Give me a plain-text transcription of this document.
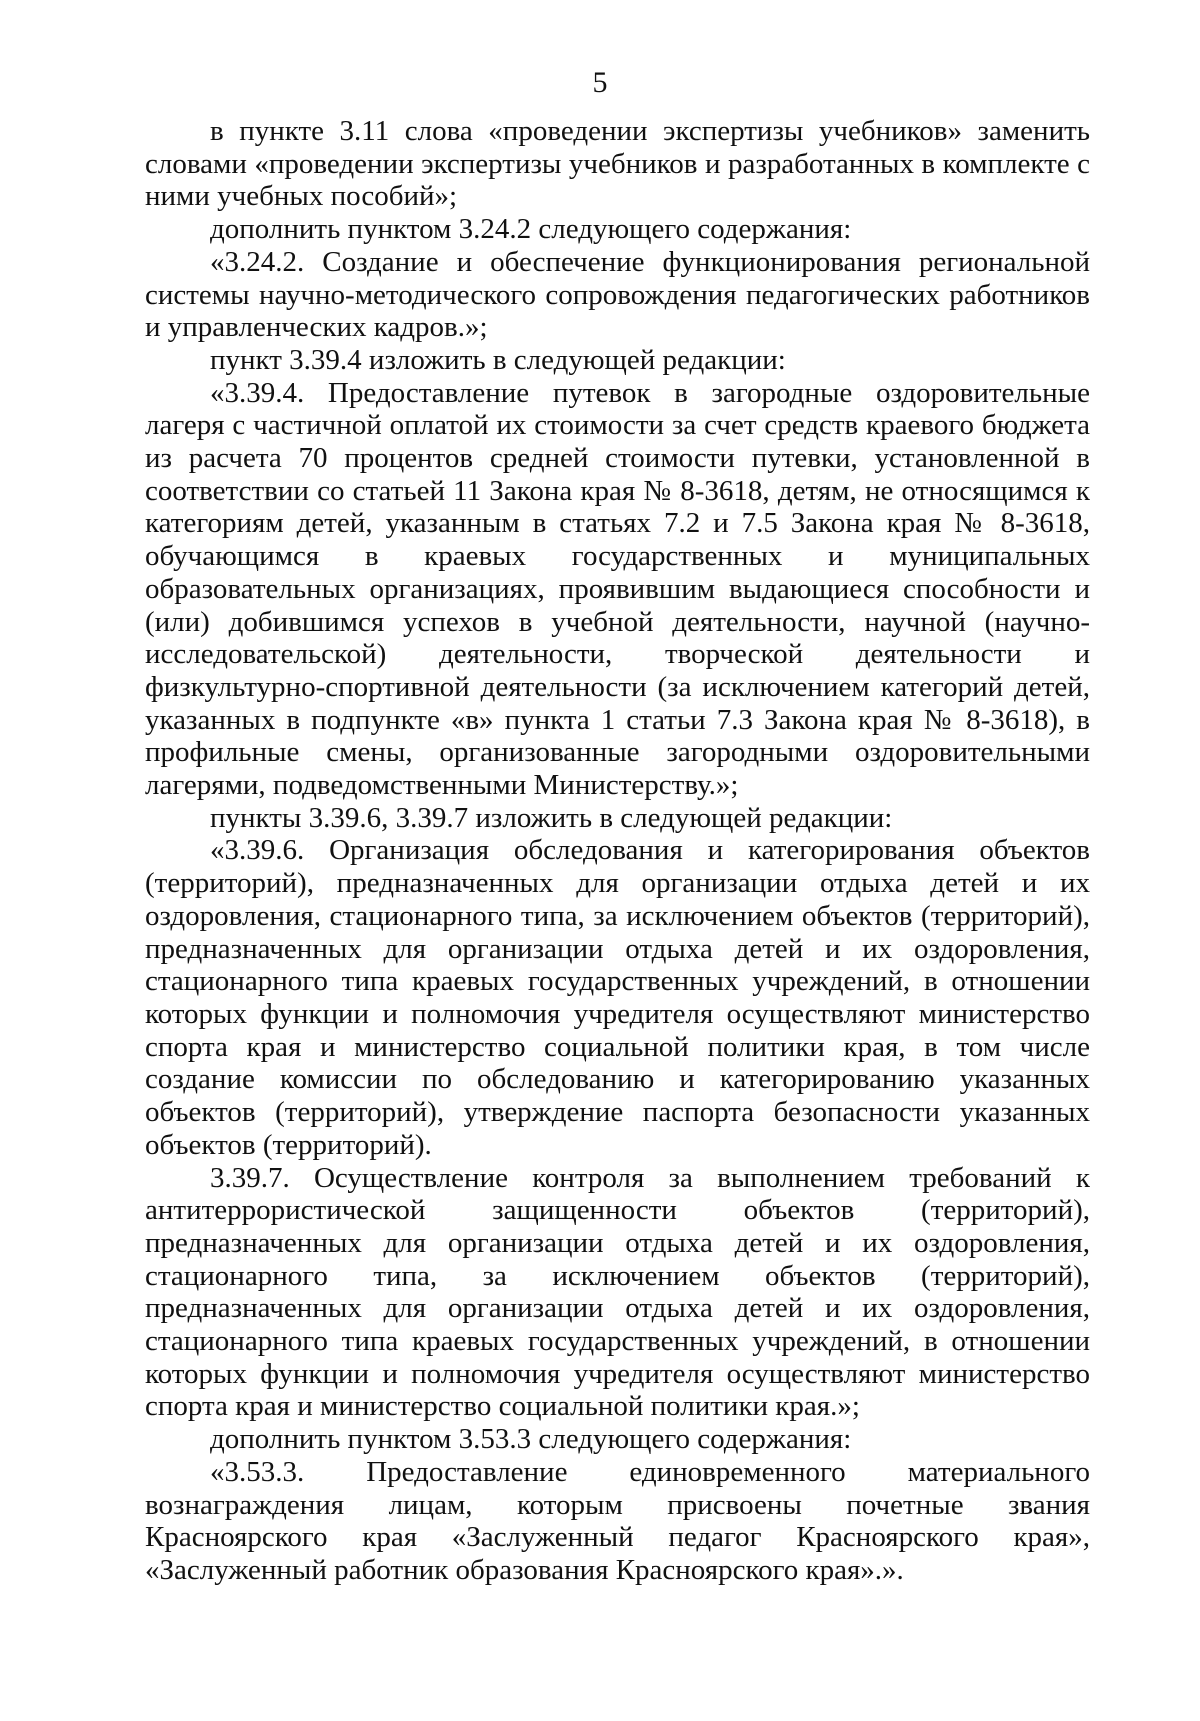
5

в пункте 3.11 слова «проведении экспертизы учебников» заменить словами «проведении экспертизы учебников и разработанных в комплекте с ними учебных пособий»;

дополнить пунктом 3.24.2 следующего содержания:

«3.24.2. Создание и обеспечение функционирования региональной системы научно-методического сопровождения педагогических работников и управленческих кадров.»;

пункт 3.39.4 изложить в следующей редакции:

«3.39.4. Предоставление путевок в загородные оздоровительные лагеря с частичной оплатой их стоимости за счет средств краевого бюджета из расчета 70 процентов средней стоимости путевки, установленной в соответствии со статьей 11 Закона края № 8-3618, детям, не относящимся к категориям детей, указанным в статьях 7.2 и 7.5 Закона края № 8-3618, обучающимся в краевых государственных и муниципальных образовательных организациях, проявившим выдающиеся способности и (или) добившимся успехов в учебной деятельности, научной (научно-исследовательской) деятельности, творческой деятельности и физкультурно-спортивной деятельности (за исключением категорий детей, указанных в подпункте «в» пункта 1 статьи 7.3 Закона края № 8-3618), в профильные смены, организованные загородными оздоровительными лагерями, подведомственными Министерству.»;

пункты 3.39.6, 3.39.7 изложить в следующей редакции:

«3.39.6. Организация обследования и категорирования объектов (территорий), предназначенных для организации отдыха детей и их оздоровления, стационарного типа, за исключением объектов (территорий), предназначенных для организации отдыха детей и их оздоровления, стационарного типа краевых государственных учреждений, в отношении которых функции и полномочия учредителя осуществляют министерство спорта края и министерство социальной политики края, в том числе создание комиссии по обследованию и категорированию указанных объектов (территорий), утверждение паспорта безопасности указанных объектов (территорий).

3.39.7. Осуществление контроля за выполнением требований к антитеррористической защищенности объектов (территорий), предназначенных для организации отдыха детей и их оздоровления, стационарного типа, за исключением объектов (территорий), предназначенных для организации отдыха детей и их оздоровления, стационарного типа краевых государственных учреждений, в отношении которых функции и полномочия учредителя осуществляют министерство спорта края и министерство социальной политики края.»;

дополнить пунктом 3.53.3 следующего содержания:

«3.53.3. Предоставление единовременного материального вознаграждения лицам, которым присвоены почетные звания Красноярского края «Заслуженный педагог Красноярского края», «Заслуженный работник образования Красноярского края».».
